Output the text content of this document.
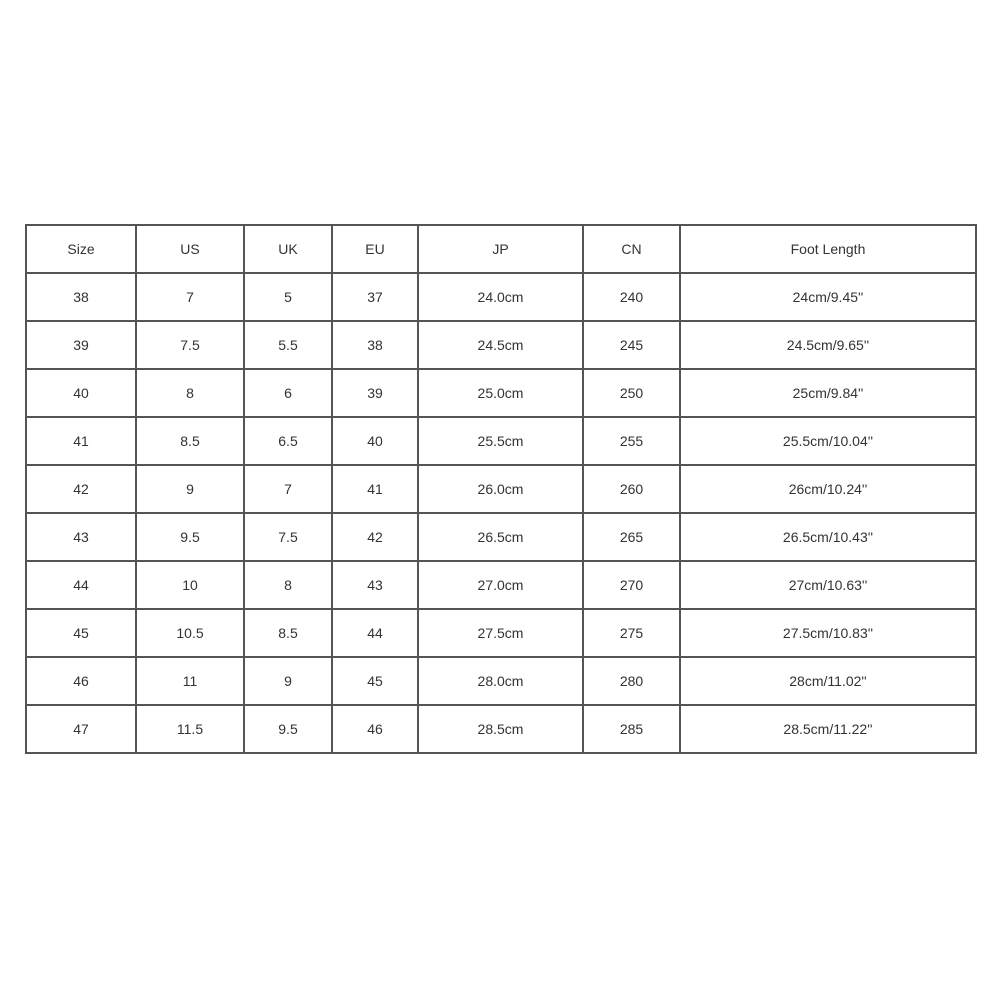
Size	US	UK	EU	JP	CN	Foot Length
38	7	5	37	24.0cm	240	24cm/9.45''
39	7.5	5.5	38	24.5cm	245	24.5cm/9.65''
40	8	6	39	25.0cm	250	25cm/9.84''
41	8.5	6.5	40	25.5cm	255	25.5cm/10.04''
42	9	7	41	26.0cm	260	26cm/10.24''
43	9.5	7.5	42	26.5cm	265	26.5cm/10.43''
44	10	8	43	27.0cm	270	27cm/10.63''
45	10.5	8.5	44	27.5cm	275	27.5cm/10.83''
46	11	9	45	28.0cm	280	28cm/11.02''
47	11.5	9.5	46	28.5cm	285	28.5cm/11.22''
